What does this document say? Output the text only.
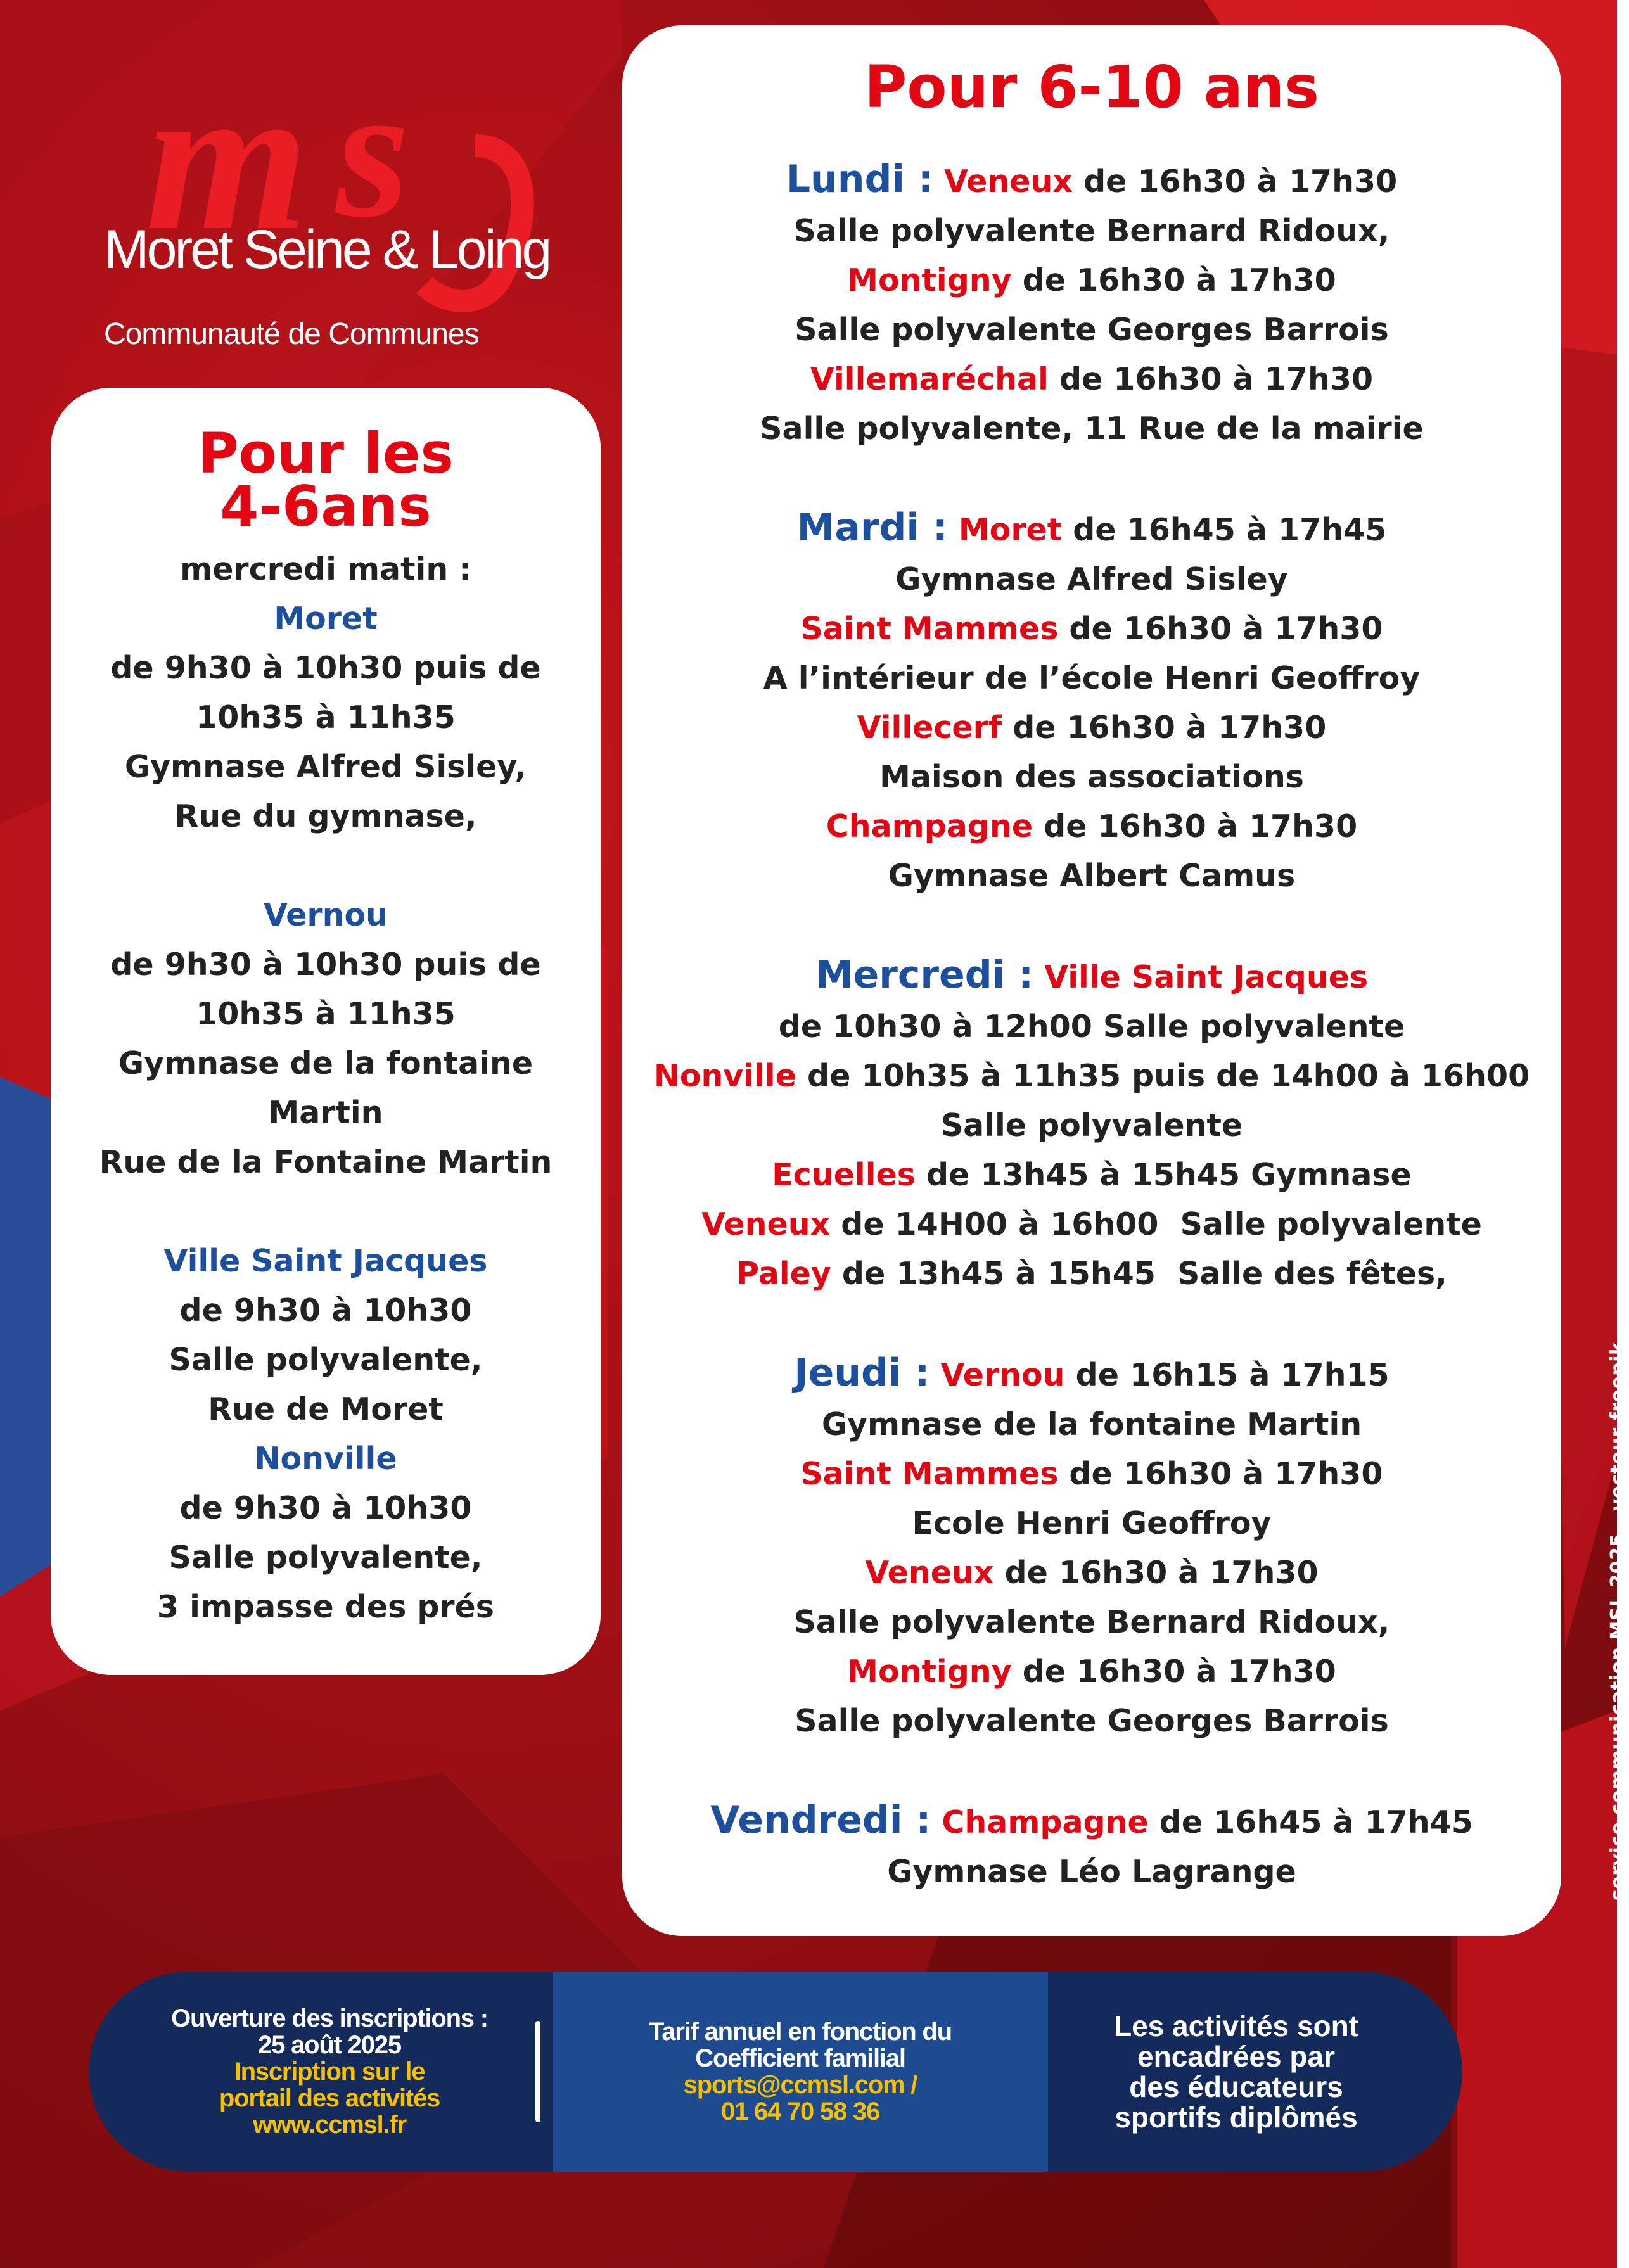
m s
Moret Seine & Loing
Communauté de Communes
Pour les
4-6ans
mercredi matin :
Moret
de 9h30 à 10h30 puis de
10h35 à 11h35
Gymnase Alfred Sisley,
Rue du gymnase,
Vernou
de 9h30 à 10h30 puis de
10h35 à 11h35
Gymnase de la fontaine
Martin
Rue de la Fontaine Martin
Ville Saint Jacques
de 9h30 à 10h30
Salle polyvalente,
Rue de Moret
Nonville
de 9h30 à 10h30
Salle polyvalente,
3 impasse des prés
Pour 6-10 ans
Lundi : Veneux de 16h30 à 17h30
Salle polyvalente Bernard Ridoux,
Montigny de 16h30 à 17h30
Salle polyvalente Georges Barrois
Villemaréchal de 16h30 à 17h30
Salle polyvalente, 11 Rue de la mairie
Mardi : Moret de 16h45 à 17h45
Gymnase Alfred Sisley
Saint Mammes de 16h30 à 17h30
A l’intérieur de l’école Henri Geoffroy
Villecerf de 16h30 à 17h30
Maison des associations
Champagne de 16h30 à 17h30
Gymnase Albert Camus
Mercredi : Ville Saint Jacques
de 10h30 à 12h00 Salle polyvalente
Nonville de 10h35 à 11h35 puis de 14h00 à 16h00
Salle polyvalente
Ecuelles de 13h45 à 15h45 Gymnase
Veneux de 14H00 à 16h00  Salle polyvalente
Paley de 13h45 à 15h45  Salle des fêtes,
Jeudi : Vernou de 16h15 à 17h15
Gymnase de la fontaine Martin
Saint Mammes de 16h30 à 17h30
Ecole Henri Geoffroy
Veneux de 16h30 à 17h30
Salle polyvalente Bernard Ridoux,
Montigny de 16h30 à 17h30
Salle polyvalente Georges Barrois
Vendredi : Champagne de 16h45 à 17h45
Gymnase Léo Lagrange	service communication MSL 2025 - vecteur freepik
Ouverture des inscriptions :
25 août 2025
Inscription sur le
portail des activités
www.ccmsl.fr
Tarif annuel en fonction du
Coefficient familial
sports@ccmsl.com /
01 64 70 58 36
Les activités sont
encadrées par
des éducateurs
sportifs diplômés
